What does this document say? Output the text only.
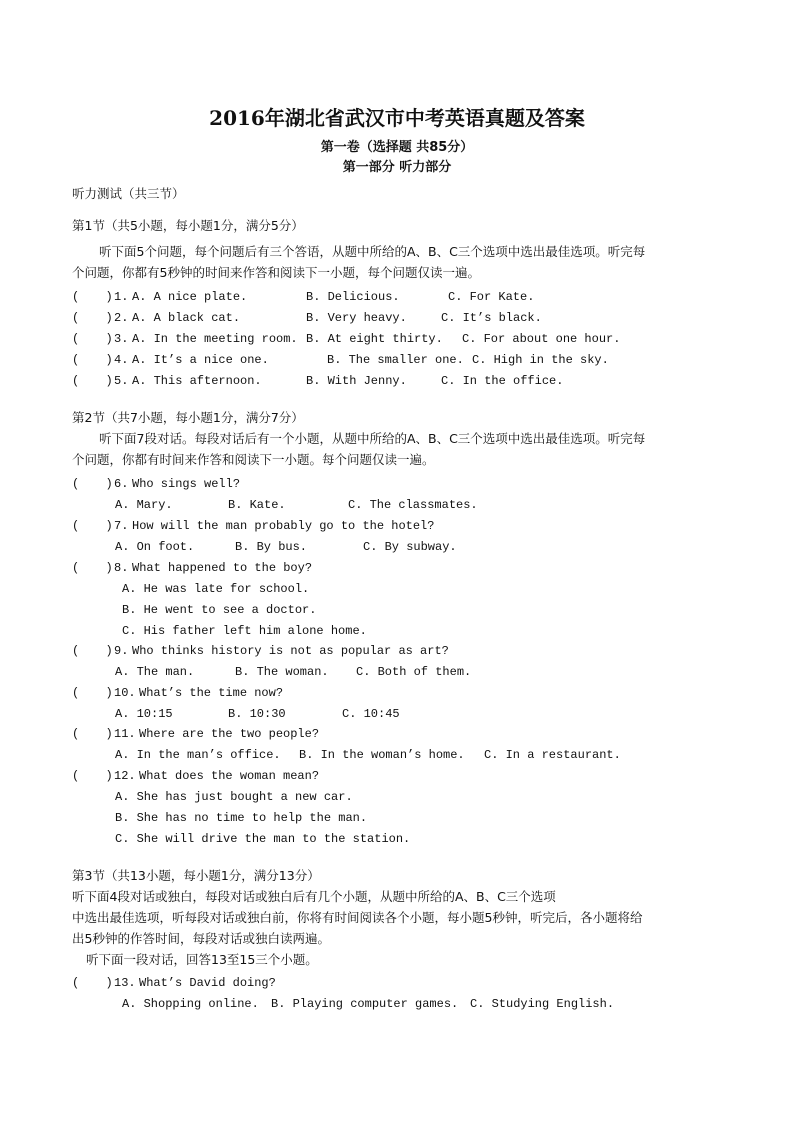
2016年湖北省武汉市中考英语真题及答案
第一卷（选择题 共85分）
第一部分 听力部分
听力测试（共三节）
第1节（共5小题，每小题1分，满分5分）
听下面5个问题，每个问题后有三个答语，从题中所给的A、B、C三个选项中选出最佳选项。听完每
个问题，你都有5秒钟的时间来作答和阅读下一小题，每个问题仅读一遍。
(    ) 1. A. A nice plate.	B. Delicious.	C. For Kate.
(    ) 2. A. A black cat.	B. Very heavy.	C. It’s black.
(    ) 3. A. In the meeting room. B. At eight thirty. C. For about one hour.
(    ) 4. A. It’s a nice one.	B. The smaller one. C. High in the sky.
(    ) 5. A. This afternoon.	B. With Jenny.	C. In the office.
第2节（共7小题，每小题1分，满分7分）
听下面7段对话。每段对话后有一个小题，从题中所给的A、B、C三个选项中选出最佳选项。听完每
个问题，你都有时间来作答和阅读下一小题。每个问题仅读一遍。
(    ) 6. Who sings well?
A. Mary.	B. Kate.	C. The classmates.
(    ) 7. How will the man probably go to the hotel?
A. On foot.	B. By bus.	C. By subway.
(    ) 8. What happened to the boy?
A. He was late for school.
B. He went to see a doctor.
C. His father left him alone home.
(    ) 9. Who thinks history is not as popular as art?
A. The man.	B. The woman. C. Both of them.
(    ) 10. What’s the time now?
A. 10:15	B. 10:30	C. 10:45
(    ) 11. Where are the two people?
A. In the man’s office. B. In the woman’s home. C. In a restaurant.
(    ) 12. What does the woman mean?
A. She has just bought a new car.
B. She has no time to help the man.
C. She will drive the man to the station.
第3节（共13小题，每小题1分，满分13分）
听下面4段对话或独白，每段对话或独白后有几个小题，从题中所给的A、B、C三个选项
中选出最佳选项，听每段对话或独白前，你将有时间阅读各个小题，每小题5秒钟，听完后，各小题将给
出5秒钟的作答时间，每段对话或独白读两遍。
听下面一段对话，回答13至15三个小题。
(    ) 13. What’s David doing?
A. Shopping online. B. Playing computer games. C. Studying English.
